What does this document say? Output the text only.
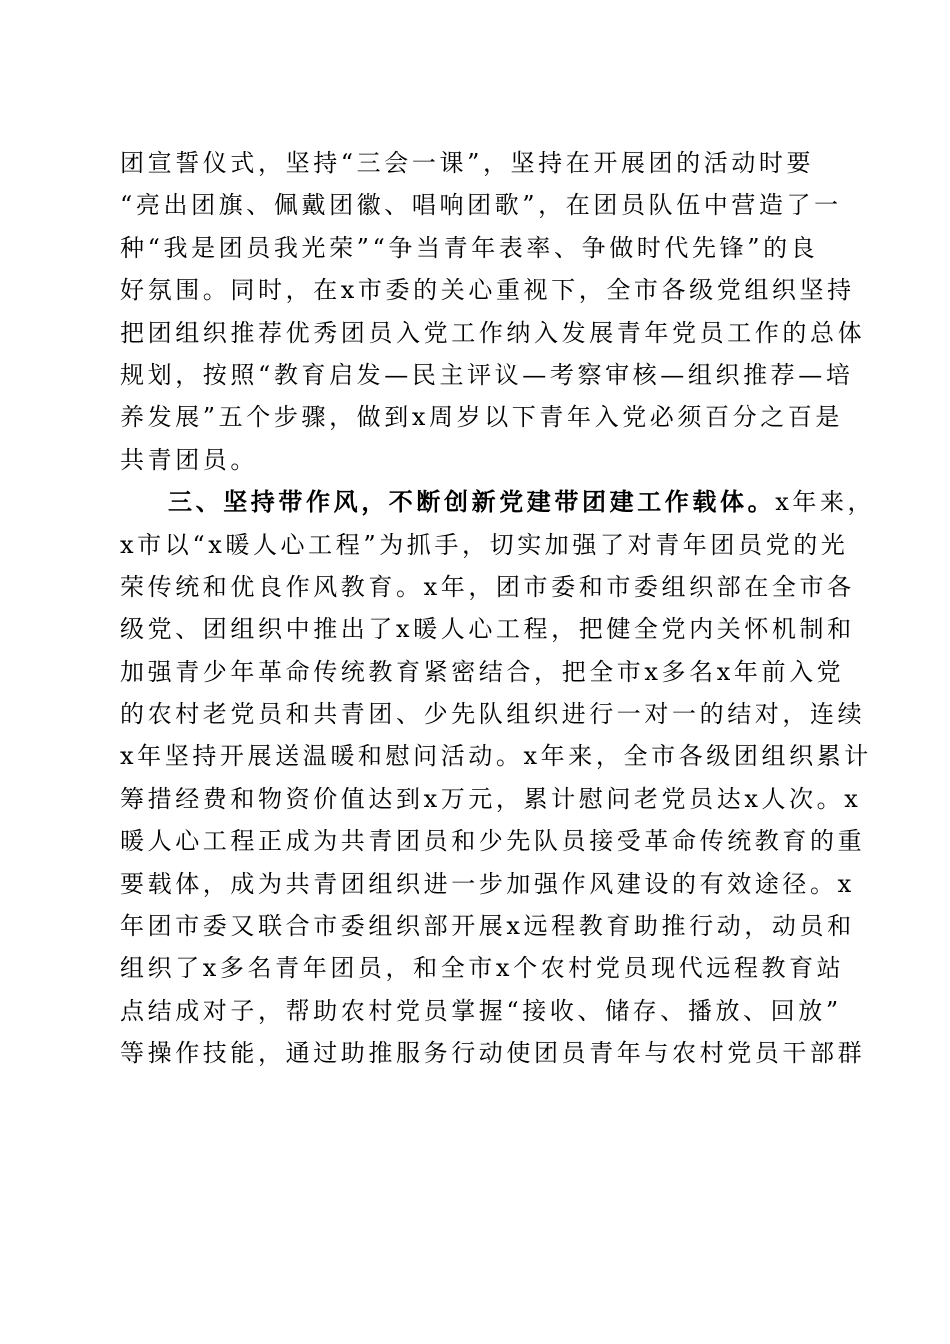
团宣誓仪式，坚持“三会一课”，坚持在开展团的活动时要
“亮出团旗、佩戴团徽、唱响团歌”，在团员队伍中营造了一
种“我是团员我光荣”“争当青年表率、争做时代先锋”的良
好氛围。同时，在x市委的关心重视下，全市各级党组织坚持
把团组织推荐优秀团员入党工作纳入发展青年党员工作的总体
规划，按照“教育启发—民主评议—考察审核—组织推荐—培
养发展”五个步骤，做到x周岁以下青年入党必须百分之百是
共青团员。
三、坚持带作风，不断创新党建带团建工作载体。x年来，
x市以“x暖人心工程”为抓手，切实加强了对青年团员党的光
荣传统和优良作风教育。x年，团市委和市委组织部在全市各
级党、团组织中推出了x暖人心工程，把健全党内关怀机制和
加强青少年革命传统教育紧密结合，把全市x多名x年前入党
的农村老党员和共青团、少先队组织进行一对一的结对，连续
x年坚持开展送温暖和慰问活动。x年来，全市各级团组织累计
筹措经费和物资价值达到x万元，累计慰问老党员达x人次。x
暖人心工程正成为共青团员和少先队员接受革命传统教育的重
要载体，成为共青团组织进一步加强作风建设的有效途径。x
年团市委又联合市委组织部开展x远程教育助推行动，动员和
组织了x多名青年团员，和全市x个农村党员现代远程教育站
点结成对子，帮助农村党员掌握“接收、储存、播放、回放”
等操作技能，通过助推服务行动使团员青年与农村党员干部群
